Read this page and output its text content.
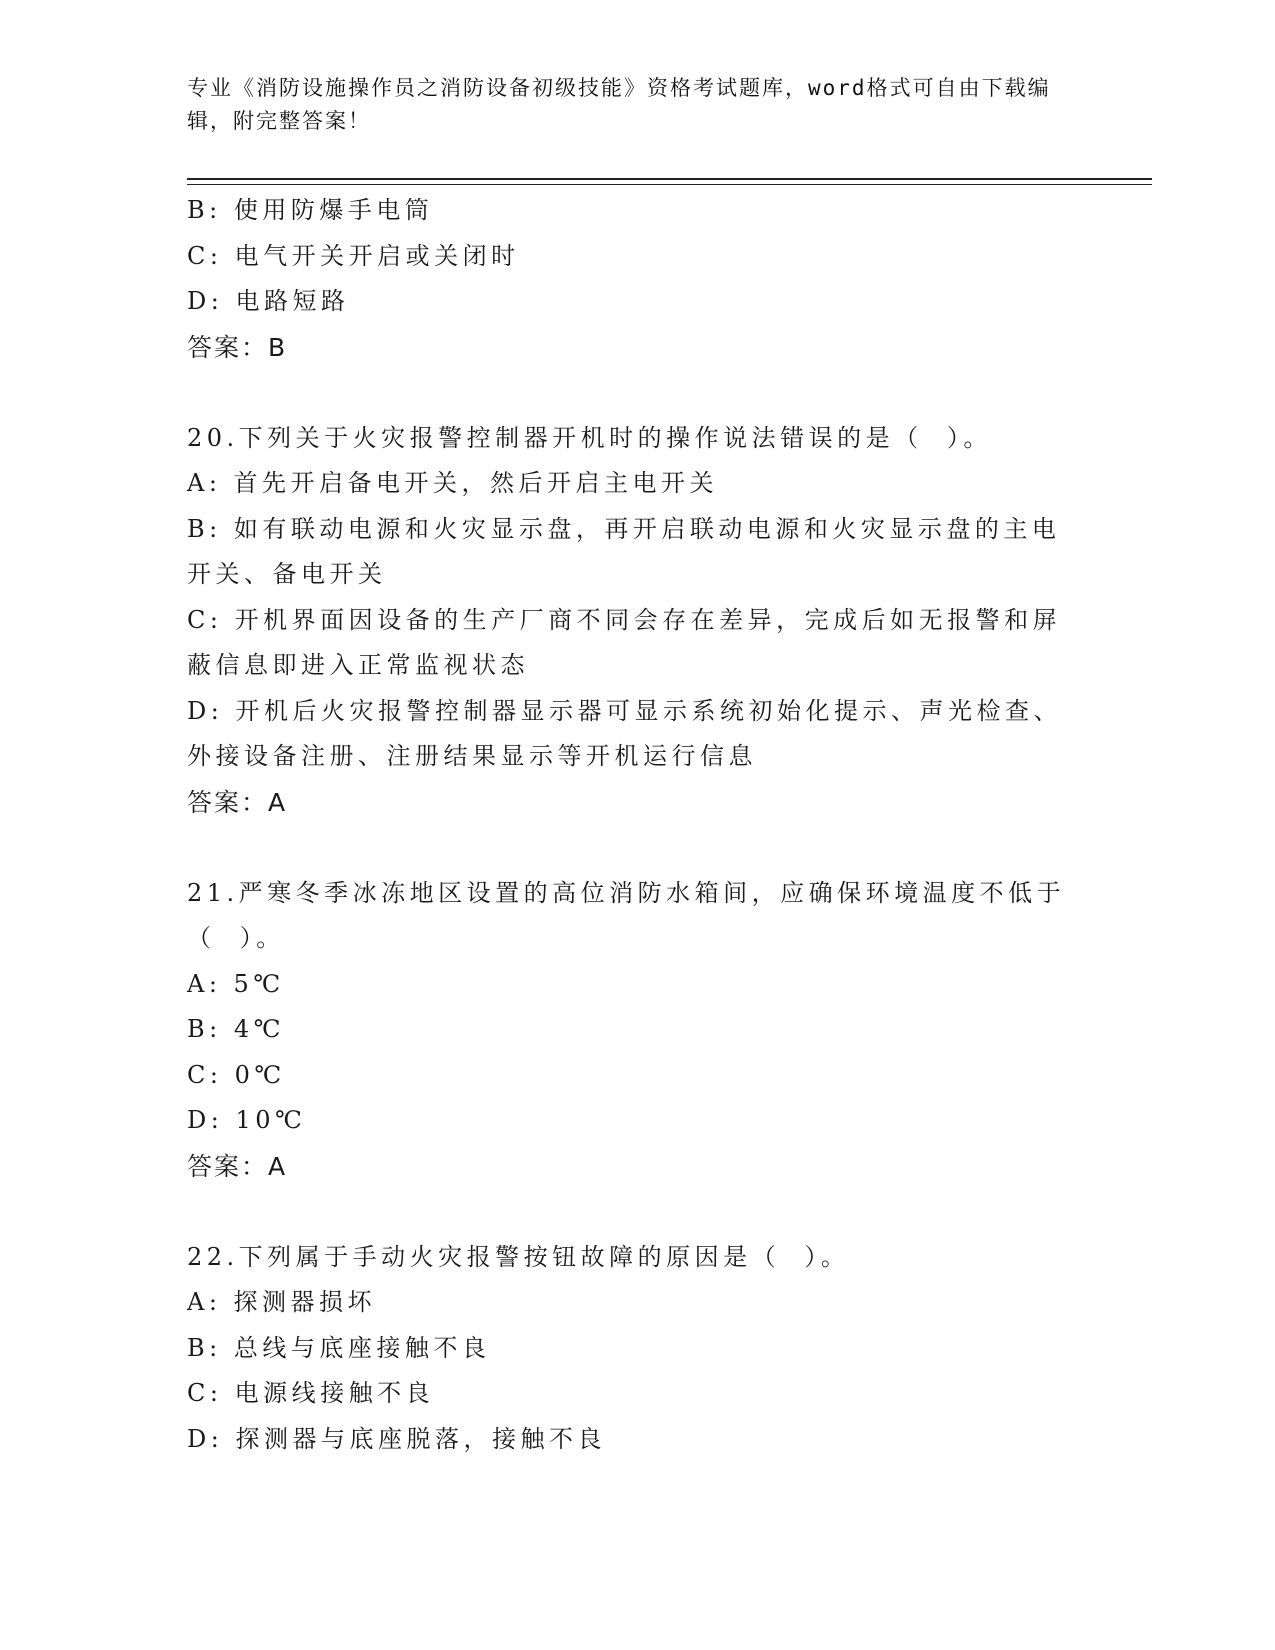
专业《消防设施操作员之消防设备初级技能》资格考试题库，word格式可自由下载编辑，附完整答案！
B: 使用防爆手电筒
C: 电气开关开启或关闭时
D: 电路短路
答案：B
20.下列关于火灾报警控制器开机时的操作说法错误的是（  ）。
A: 首先开启备电开关，然后开启主电开关
B: 如有联动电源和火灾显示盘，再开启联动电源和火灾显示盘的主电开关、备电开关
C: 开机界面因设备的生产厂商不同会存在差异，完成后如无报警和屏蔽信息即进入正常监视状态
D: 开机后火灾报警控制器显示器可显示系统初始化提示、声光检查、外接设备注册、注册结果显示等开机运行信息
答案：A
21.严寒冬季冰冻地区设置的高位消防水箱间，应确保环境温度不低于（  ）。
A: 5℃
B: 4℃
C: 0℃
D: 10℃
答案：A
22.下列属于手动火灾报警按钮故障的原因是（  ）。
A: 探测器损坏
B: 总线与底座接触不良
C: 电源线接触不良
D: 探测器与底座脱落，接触不良
